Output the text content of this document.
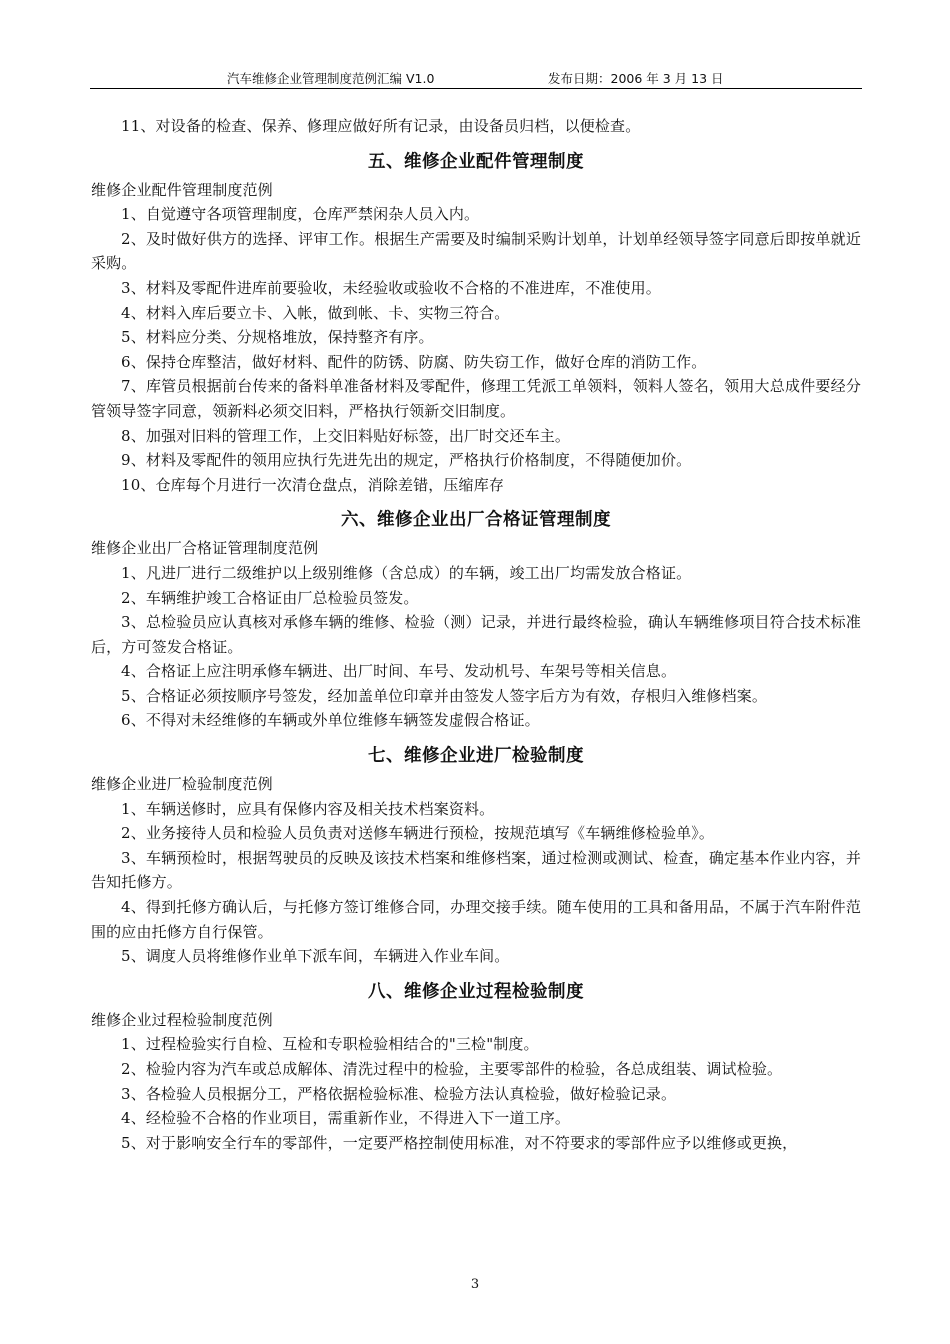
汽车维修企业管理制度范例汇编 V1.0	发布日期：2006 年 3 月 13 日

11、对设备的检查、保养、修理应做好所有记录，由设备员归档，以便检查。

五、维修企业配件管理制度

维修企业配件管理制度范例

1、自觉遵守各项管理制度，仓库严禁闲杂人员入内。

2、及时做好供方的选择、评审工作。根据生产需要及时编制采购计划单，计划单经领导签字同意后即按单就近采购。

3、材料及零配件进库前要验收，未经验收或验收不合格的不准进库，不准使用。

4、材料入库后要立卡、入帐，做到帐、卡、实物三符合。

5、材料应分类、分规格堆放，保持整齐有序。

6、保持仓库整洁，做好材料、配件的防锈、防腐、防失窃工作，做好仓库的消防工作。

7、库管员根据前台传来的备料单准备材料及零配件，修理工凭派工单领料，领料人签名，领用大总成件要经分管领导签字同意，领新料必须交旧料，严格执行领新交旧制度。

8、加强对旧料的管理工作，上交旧料贴好标签，出厂时交还车主。

9、材料及零配件的领用应执行先进先出的规定，严格执行价格制度，不得随便加价。

10、仓库每个月进行一次清仓盘点，消除差错，压缩库存

六、维修企业出厂合格证管理制度

维修企业出厂合格证管理制度范例

1、凡进厂进行二级维护以上级别维修（含总成）的车辆，竣工出厂均需发放合格证。

2、车辆维护竣工合格证由厂总检验员签发。

3、总检验员应认真核对承修车辆的维修、检验（测）记录，并进行最终检验，确认车辆维修项目符合技术标准后，方可签发合格证。

4、合格证上应注明承修车辆进、出厂时间、车号、发动机号、车架号等相关信息。

5、合格证必须按顺序号签发，经加盖单位印章并由签发人签字后方为有效，存根归入维修档案。

6、不得对未经维修的车辆或外单位维修车辆签发虚假合格证。

七、维修企业进厂检验制度

维修企业进厂检验制度范例

1、车辆送修时，应具有保修内容及相关技术档案资料。

2、业务接待人员和检验人员负责对送修车辆进行预检，按规范填写《车辆维修检验单》。

3、车辆预检时，根据驾驶员的反映及该技术档案和维修档案，通过检测或测试、检查，确定基本作业内容，并告知托修方。

4、得到托修方确认后，与托修方签订维修合同，办理交接手续。随车使用的工具和备用品，不属于汽车附件范围的应由托修方自行保管。

5、调度人员将维修作业单下派车间，车辆进入作业车间。

八、维修企业过程检验制度

维修企业过程检验制度范例

1、过程检验实行自检、互检和专职检验相结合的"三检"制度。

2、检验内容为汽车或总成解体、清洗过程中的检验，主要零部件的检验，各总成组装、调试检验。

3、各检验人员根据分工，严格依据检验标准、检验方法认真检验，做好检验记录。

4、经检验不合格的作业项目，需重新作业，不得进入下一道工序。

5、对于影响安全行车的零部件，一定要严格控制使用标准，对不符要求的零部件应予以维修或更换，

3
